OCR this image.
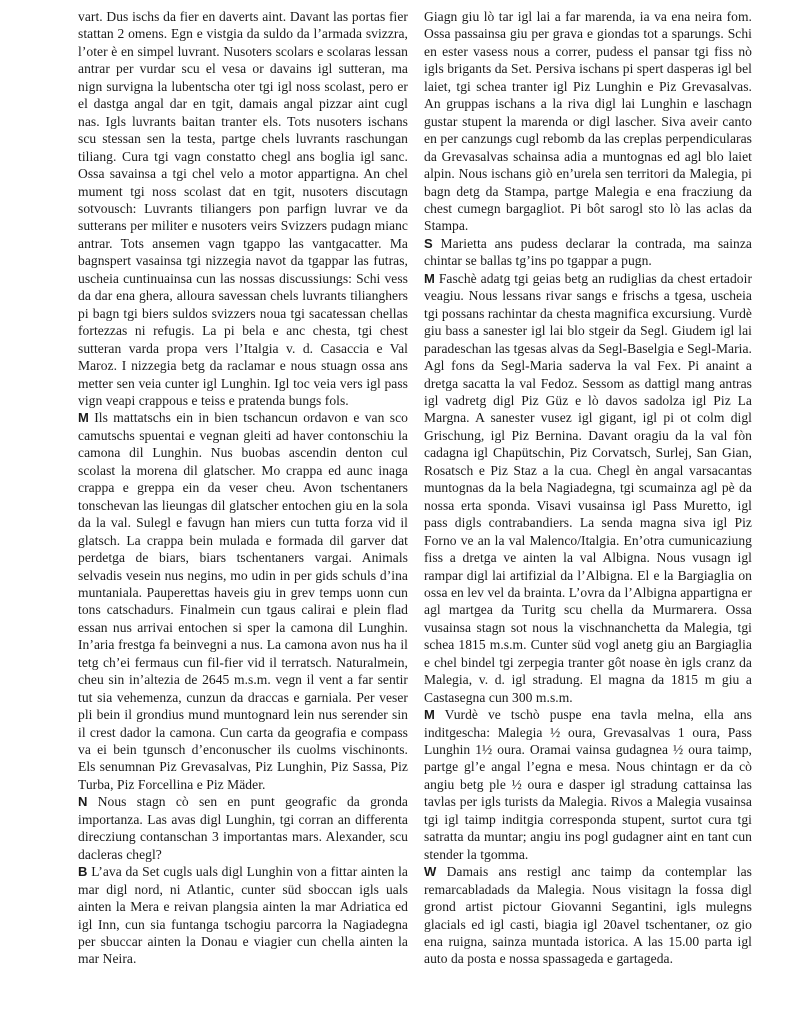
vart. Dus ischs da fier en daverts aint. Davant las portas fier stattan 2 omens. Egn e vistgia da suldo da l’armada svizzra, l’oter è en simpel luvrant. Nusoters scolars e scolaras lessan antrar per vurdar scu el vesa or davains igl sutteran, ma nign survigna la lubentscha oter tgi igl noss scolast, pero er el dastga angal dar en tgit, damais angal pizzar aint cugl nas. Igls luvrants baitan tranter els. Tots nusoters ischans scu stessan sen la testa, partge chels luvrants raschungan tiliang. Cura tgi vagn constatto chegl ans boglia igl sanc. Ossa savainsa a tgi chel velo a motor appartigna. An chel mument tgi noss scolast dat en tgit, nusoters discutagn sotvousch: Luvrants tiliangers pon parfign luvrar ve da sutterans per militer e nusoters veirs Svizzers pudagn mianc antrar. Tots ansemen vagn tgappo las vantgacatter. Ma bagnspert vasainsa tgi nizzegia navot da tgappar las futras, uscheia cuntinuainsa cun las nossas discussiungs: Schi vess da dar ena ghera, alloura savessan chels luvrants tilianghers pi bagn tgi biers suldos svizzers noua tgi sacatessan chellas fortezzas ni refugis. La pi bela e anc chesta, tgi chest sutteran varda propa vers l’Italgia v. d. Casaccia e Val Maroz. I nizzegia betg da raclamar e nous stuagn ossa ans metter sen veia cunter igl Lunghin. Igl toc veia vers igl pass vign veapi crappous e teiss e pratenda bungs fols.

M Ils mattatschs ein in bien tschancun ordavon e van sco camutschs spuentai e vegnan gleiti ad haver contonschiu la camona dil Lunghin. Nus buobas ascendin denton cul scolast la morena dil glatscher. Mo crappa ed aunc inaga crappa e greppa ein da veser cheu. Avon tschentaners tonschevan las lieungas dil glatscher entochen giu en la sola da la val. Sulegl e favugn han miers cun tutta forza vid il glatsch. La crappa bein mulada e formada dil garver dat perdetga de biars, biars tschentaners vargai. Animals selvadis vesein nus negins, mo udin in per gids schuls d’ina muntaniala. Pauperettas haveis giu in grev temps uonn cun tons catschadurs. Finalmein cun tgaus calirai e plein flad essan nus arrivai entochen si sper la camona dil Lunghin. In’aria frestga fa beinvegni a nus. La camona avon nus ha il tetg ch’ei fermaus cun fil-fier vid il terratsch. Naturalmein, cheu sin in’altezia de 2645 m.s.m. vegn il vent a far sentir tut sia vehemenza, cunzun da draccas e garniala. Per veser pli bein il grondius mund muntognard lein nus serender sin il crest dador la camona. Cun carta da geografia e compass va ei bein tgunsch d’enconuscher ils cuolms vischinonts. Els senumnan Piz Grevasalvas, Piz Lunghin, Piz Sassa, Piz Turba, Piz Forcellina e Piz Mäder.

N Nous stagn cò sen en punt geografic da gronda importanza. Las avas digl Lunghin, tgi corran an differenta direcziung contanschan 3 importantas mars. Alexander, scu dacleras chegl?

B L’ava da Set cugls uals digl Lunghin von a fittar ainten la mar digl nord, ni Atlantic, cunter süd sboccan igls uals ainten la Mera e reivan plangsia ainten la mar Adriatica ed igl Inn, cun sia funtanga tschogiu parcorra la Nagiadegna per sbuccar ainten la Donau e viagier cun chella ainten la mar Neira.

Giagn giu lò tar igl lai a far marenda, ia va ena neira fom. Ossa passainsa giu per grava e giondas tot a sparungs. Schi en ester vasess nous a correr, pudess el pansar tgi fiss nò igls brigants da Set. Persiva ischans pi spert dasperas igl bel laiet, tgi schea tranter igl Piz Lunghin e Piz Grevasalvas. An gruppas ischans a la riva digl lai Lunghin e laschagn gustar stupent la marenda or digl lascher. Siva aveir canto en per canzungs cugl rebomb da las creplas perpendicularas da Grevasalvas schainsa adia a muntognas ed agl blo laiet alpin. Nous ischans giò en’urela sen territori da Malegia, pi bagn detg da Stampa, partge Malegia e ena fracziung da chest cumegn bargagliot. Pi bôt sarogl sto lò las aclas da Stampa.

S Marietta ans pudess declarar la contrada, ma sainza chintar se ballas tg’ins po tgappar a pugn.

M Faschè adatg tgi geias betg an rudiglias da chest ertadoir veagiu. Nous lessans rivar sangs e frischs a tgesa, uscheia tgi possans rachintar da chesta magnifica excursiung. Vurdè giu bass a sanester igl lai blo stgeir da Segl. Giudem igl lai paradeschan las tgesas alvas da Segl-Baselgia e Segl-Maria. Agl fons da Segl-Maria saderva la val Fex. Pi anaint a dretga sacatta la val Fedoz. Sessom as dattigl mang antras igl vadretg digl Piz Güz e lò davos sadolza igl Piz La Margna. A sanester vusez igl gigant, igl pi ot colm digl Grischung, igl Piz Bernina. Davant oragiu da la val fòn cadagna igl Chapütschin, Piz Corvatsch, Surlej, San Gian, Rosatsch e Piz Staz a la cua. Chegl èn angal varsacantas muntognas da la bela Nagiadegna, tgi scumainza agl pè da nossa erta sponda. Visavi vusainsa igl Pass Muretto, igl pass digls contrabandiers. La senda magna siva igl Piz Forno ve an la val Malenco/Italgia. En’otra cumunicaziung fiss a dretga ve ainten la val Albigna. Nous vusagn igl rampar digl lai artifizial da l’Albigna. El e la Bargiaglia on ossa en lev vel da brainta. L’ovra da l’Albigna appartigna er agl martgea da Turitg scu chella da Murmarera. Ossa vusainsa stagn sot nous la vischnanchetta da Malegia, tgi schea 1815 m.s.m. Cunter süd vogl anetg giu an Bargiaglia e chel bindel tgi zerpegia tranter gôt noase èn igls cranz da Malegia, v. d. igl stradung. El magna da 1815 m giu a Castasegna cun 300 m.s.m.

M Vurdè ve tschò puspe ena tavla melna, ella ans inditgescha: Malegia ½ oura, Grevasalvas 1 oura, Pass Lunghin 1½ oura. Oramai vainsa gudagnea ½ oura taimp, partge gl’e angal l’egna e mesa. Nous chintagn er da cò angiu betg ple ½ oura e dasper igl stradung cattainsa las tavlas per igls turists da Malegia. Rivos a Malegia vusainsa tgi igl taimp inditgia corresponda stupent, surtot cura tgi satratta da muntar; angiu ins pogl gudagner aint en tant cun stender la tgomma.

W Damais ans restigl anc taimp da contemplar las remarcabladads da Malegia. Nous visitagn la fossa digl grond artist pictour Giovanni Segantini, igls mulegns glacials ed igl casti, biagia igl 20avel tschentaner, oz gio ena ruigna, sainza muntada istorica. A las 15.00 parta igl auto da posta e nossa spassageda e gartageda.
